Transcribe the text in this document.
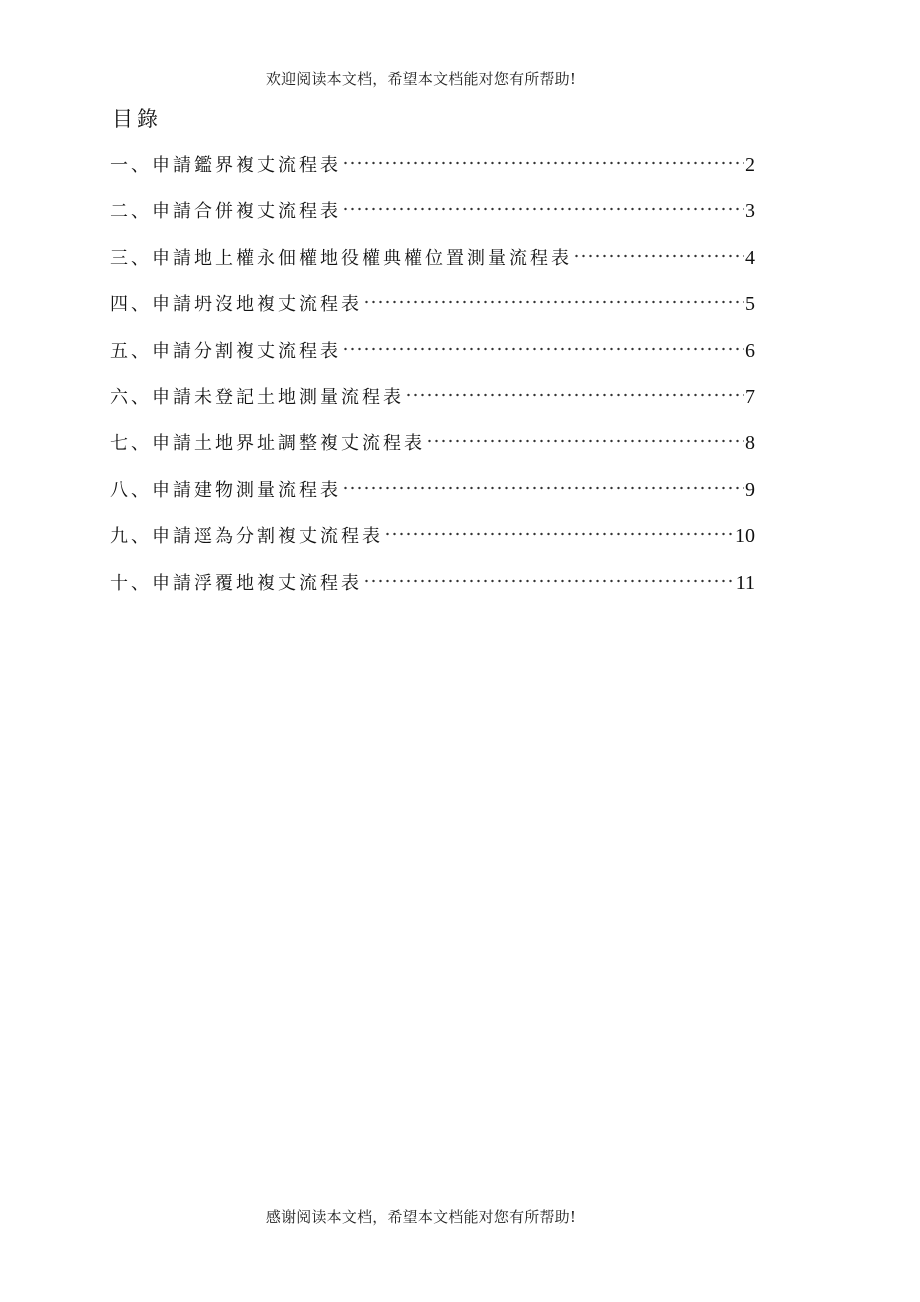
欢迎阅读本文档，希望本文档能对您有所帮助!
目錄
一、申請鑑界複丈流程表	2
二、申請合併複丈流程表	3
三、申請地上權永佃權地役權典權位置測量流程表	4
四、申請坍沒地複丈流程表	5
五、申請分割複丈流程表	6
六、申請未登記土地測量流程表	7
七、申請土地界址調整複丈流程表	8
八、申請建物測量流程表	9
九、申請逕為分割複丈流程表	10
十、申請浮覆地複丈流程表	11
感谢阅读本文档，希望本文档能对您有所帮助!
